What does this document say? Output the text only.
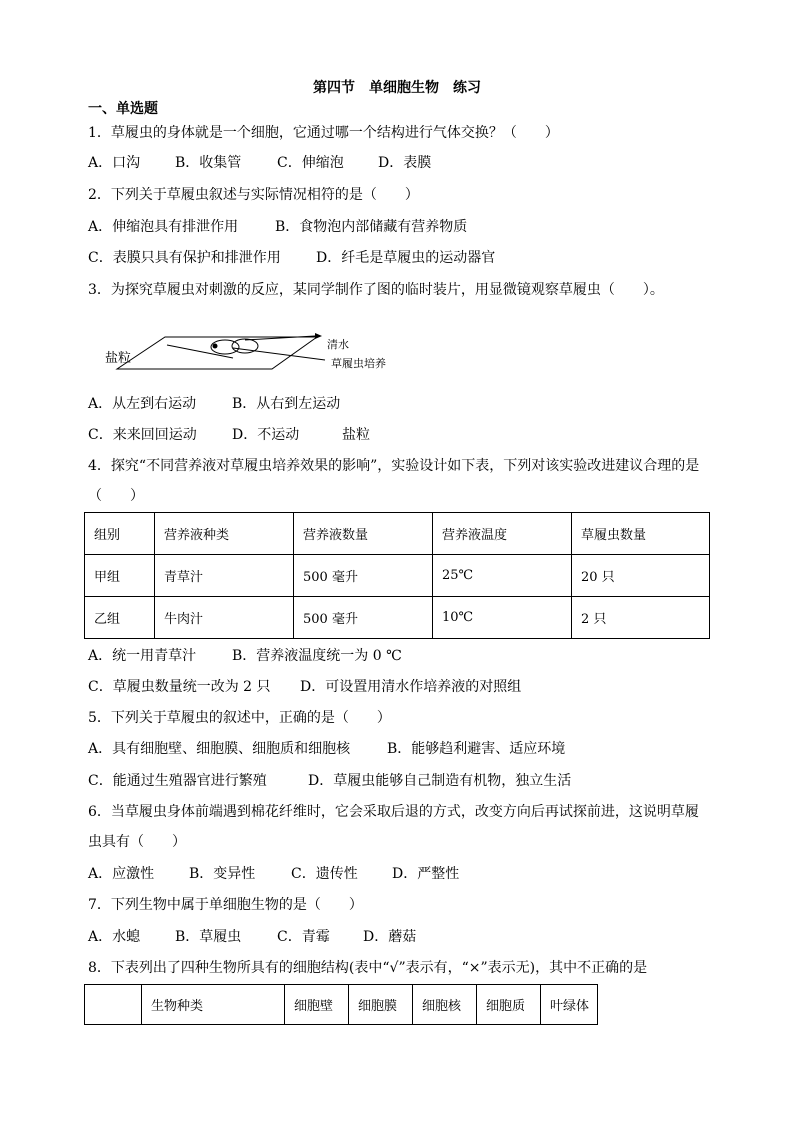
第四节　单细胞生物　练习
一、单选题
1．草履虫的身体就是一个细胞，它通过哪一个结构进行气体交换？（　　）
A．口沟 B．收集管	C．伸缩泡 D．表膜
2．下列关于草履虫叙述与实际情况相符的是（　　）
A．伸缩泡具有排泄作用	B．食物泡内部储藏有营养物质
C．表膜只具有保护和排泄作用	D．纤毛是草履虫的运动器官
3．为探究草履虫对刺激的反应，某同学制作了图的临时装片，用显微镜观察草履虫（　　）。
盐粒
清水
草履虫培养
A．从左到右运动	B．从右到左运动
C．来来回回运动	D．不运动	盐粒
4．探究“不同营养液对草履虫培养效果的影响”，实验设计如下表，下列对该实验改进建议合理的是
（　　）
组别	营养液种类	营养液数量	营养液温度	草履虫数量
甲组	青草汁	500 毫升	25℃	20 只
乙组	牛肉汁	500 毫升	10℃	2 只
A．统一用青草汁	B．营养液温度统一为 0 ℃
C．草履虫数量统一改为 2 只 D．可设置用清水作培养液的对照组
5．下列关于草履虫的叙述中，正确的是（　　）
A．具有细胞壁、细胞膜、细胞质和细胞核	B．能够趋利避害、适应环境
C．能通过生殖器官进行繁殖	D．草履虫能够自己制造有机物，独立生活
6．当草履虫身体前端遇到棉花纤维时，它会采取后退的方式，改变方向后再试探前进，这说明草履
虫具有（　　）
A．应激性 B．变异性	C．遗传性 D．严整性
7．下列生物中属于单细胞生物的是（　　）
A．水螅 B．草履虫	C．青霉 D．蘑菇
8．下表列出了四种生物所具有的细胞结构(表中“√”表示有，“×”表示无)，其中不正确的是
	生物种类	细胞壁	细胞膜	细胞核	细胞质	叶绿体
